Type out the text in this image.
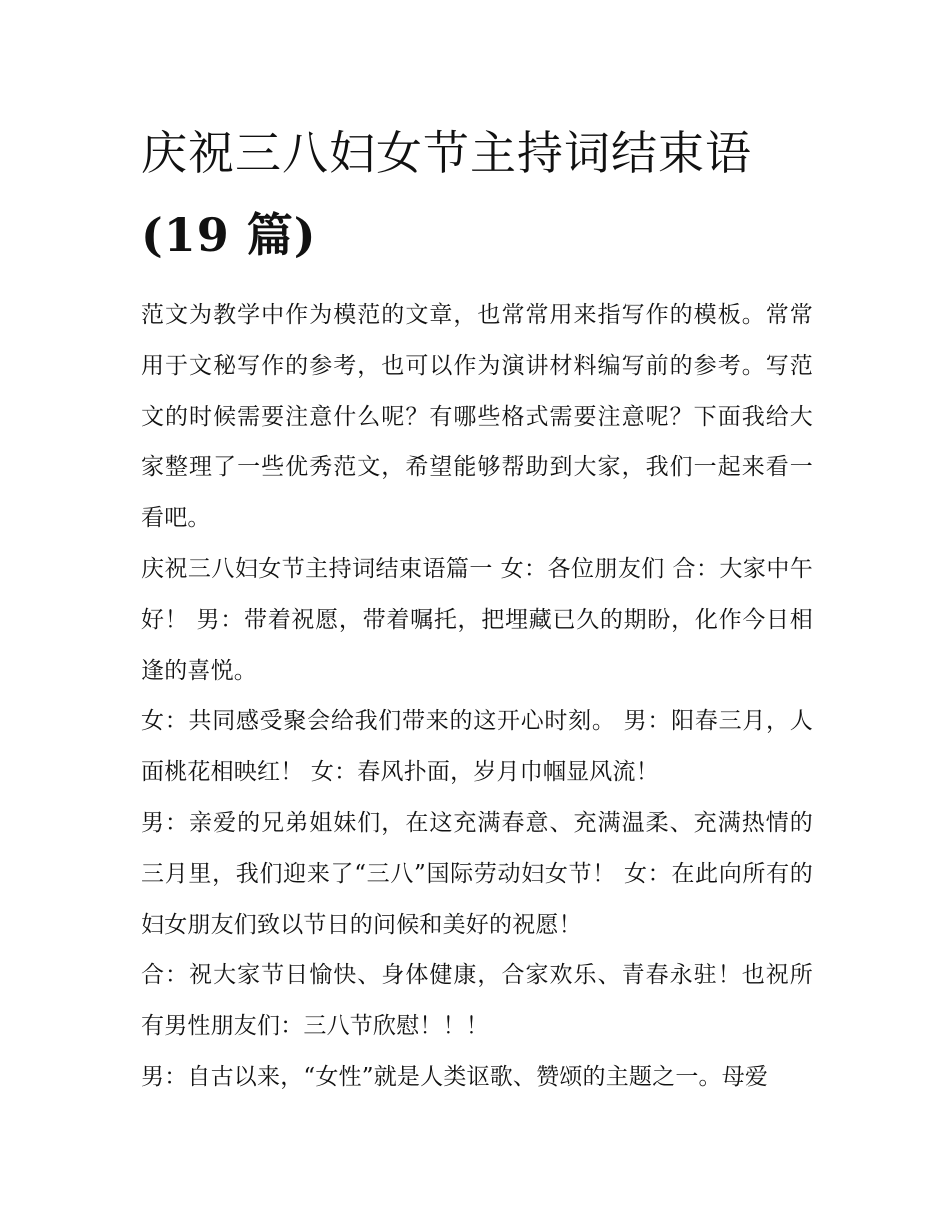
庆祝三八妇女节主持词结束语
(19 篇)

范文为教学中作为模范的文章，也常常用来指写作的模板。常常用于文秘写作的参考，也可以作为演讲材料编写前的参考。写范文的时候需要注意什么呢？有哪些格式需要注意呢？下面我给大家整理了一些优秀范文，希望能够帮助到大家，我们一起来看一看吧。

庆祝三八妇女节主持词结束语篇一 女：各位朋友们 合：大家中午好！ 男：带着祝愿，带着嘱托，把埋藏已久的期盼，化作今日相逢的喜悦。

女：共同感受聚会给我们带来的这开心时刻。 男：阳春三月，人面桃花相映红！ 女：春风扑面，岁月巾帼显风流！

男：亲爱的兄弟姐妹们，在这充满春意、充满温柔、充满热情的三月里，我们迎来了“三八”国际劳动妇女节！ 女：在此向所有的妇女朋友们致以节日的问候和美好的祝愿！

合：祝大家节日愉快、身体健康，合家欢乐、青春永驻！也祝所有男性朋友们：三八节欣慰！！！

男：自古以来，“女性”就是人类讴歌、赞颂的主题之一。母爱
